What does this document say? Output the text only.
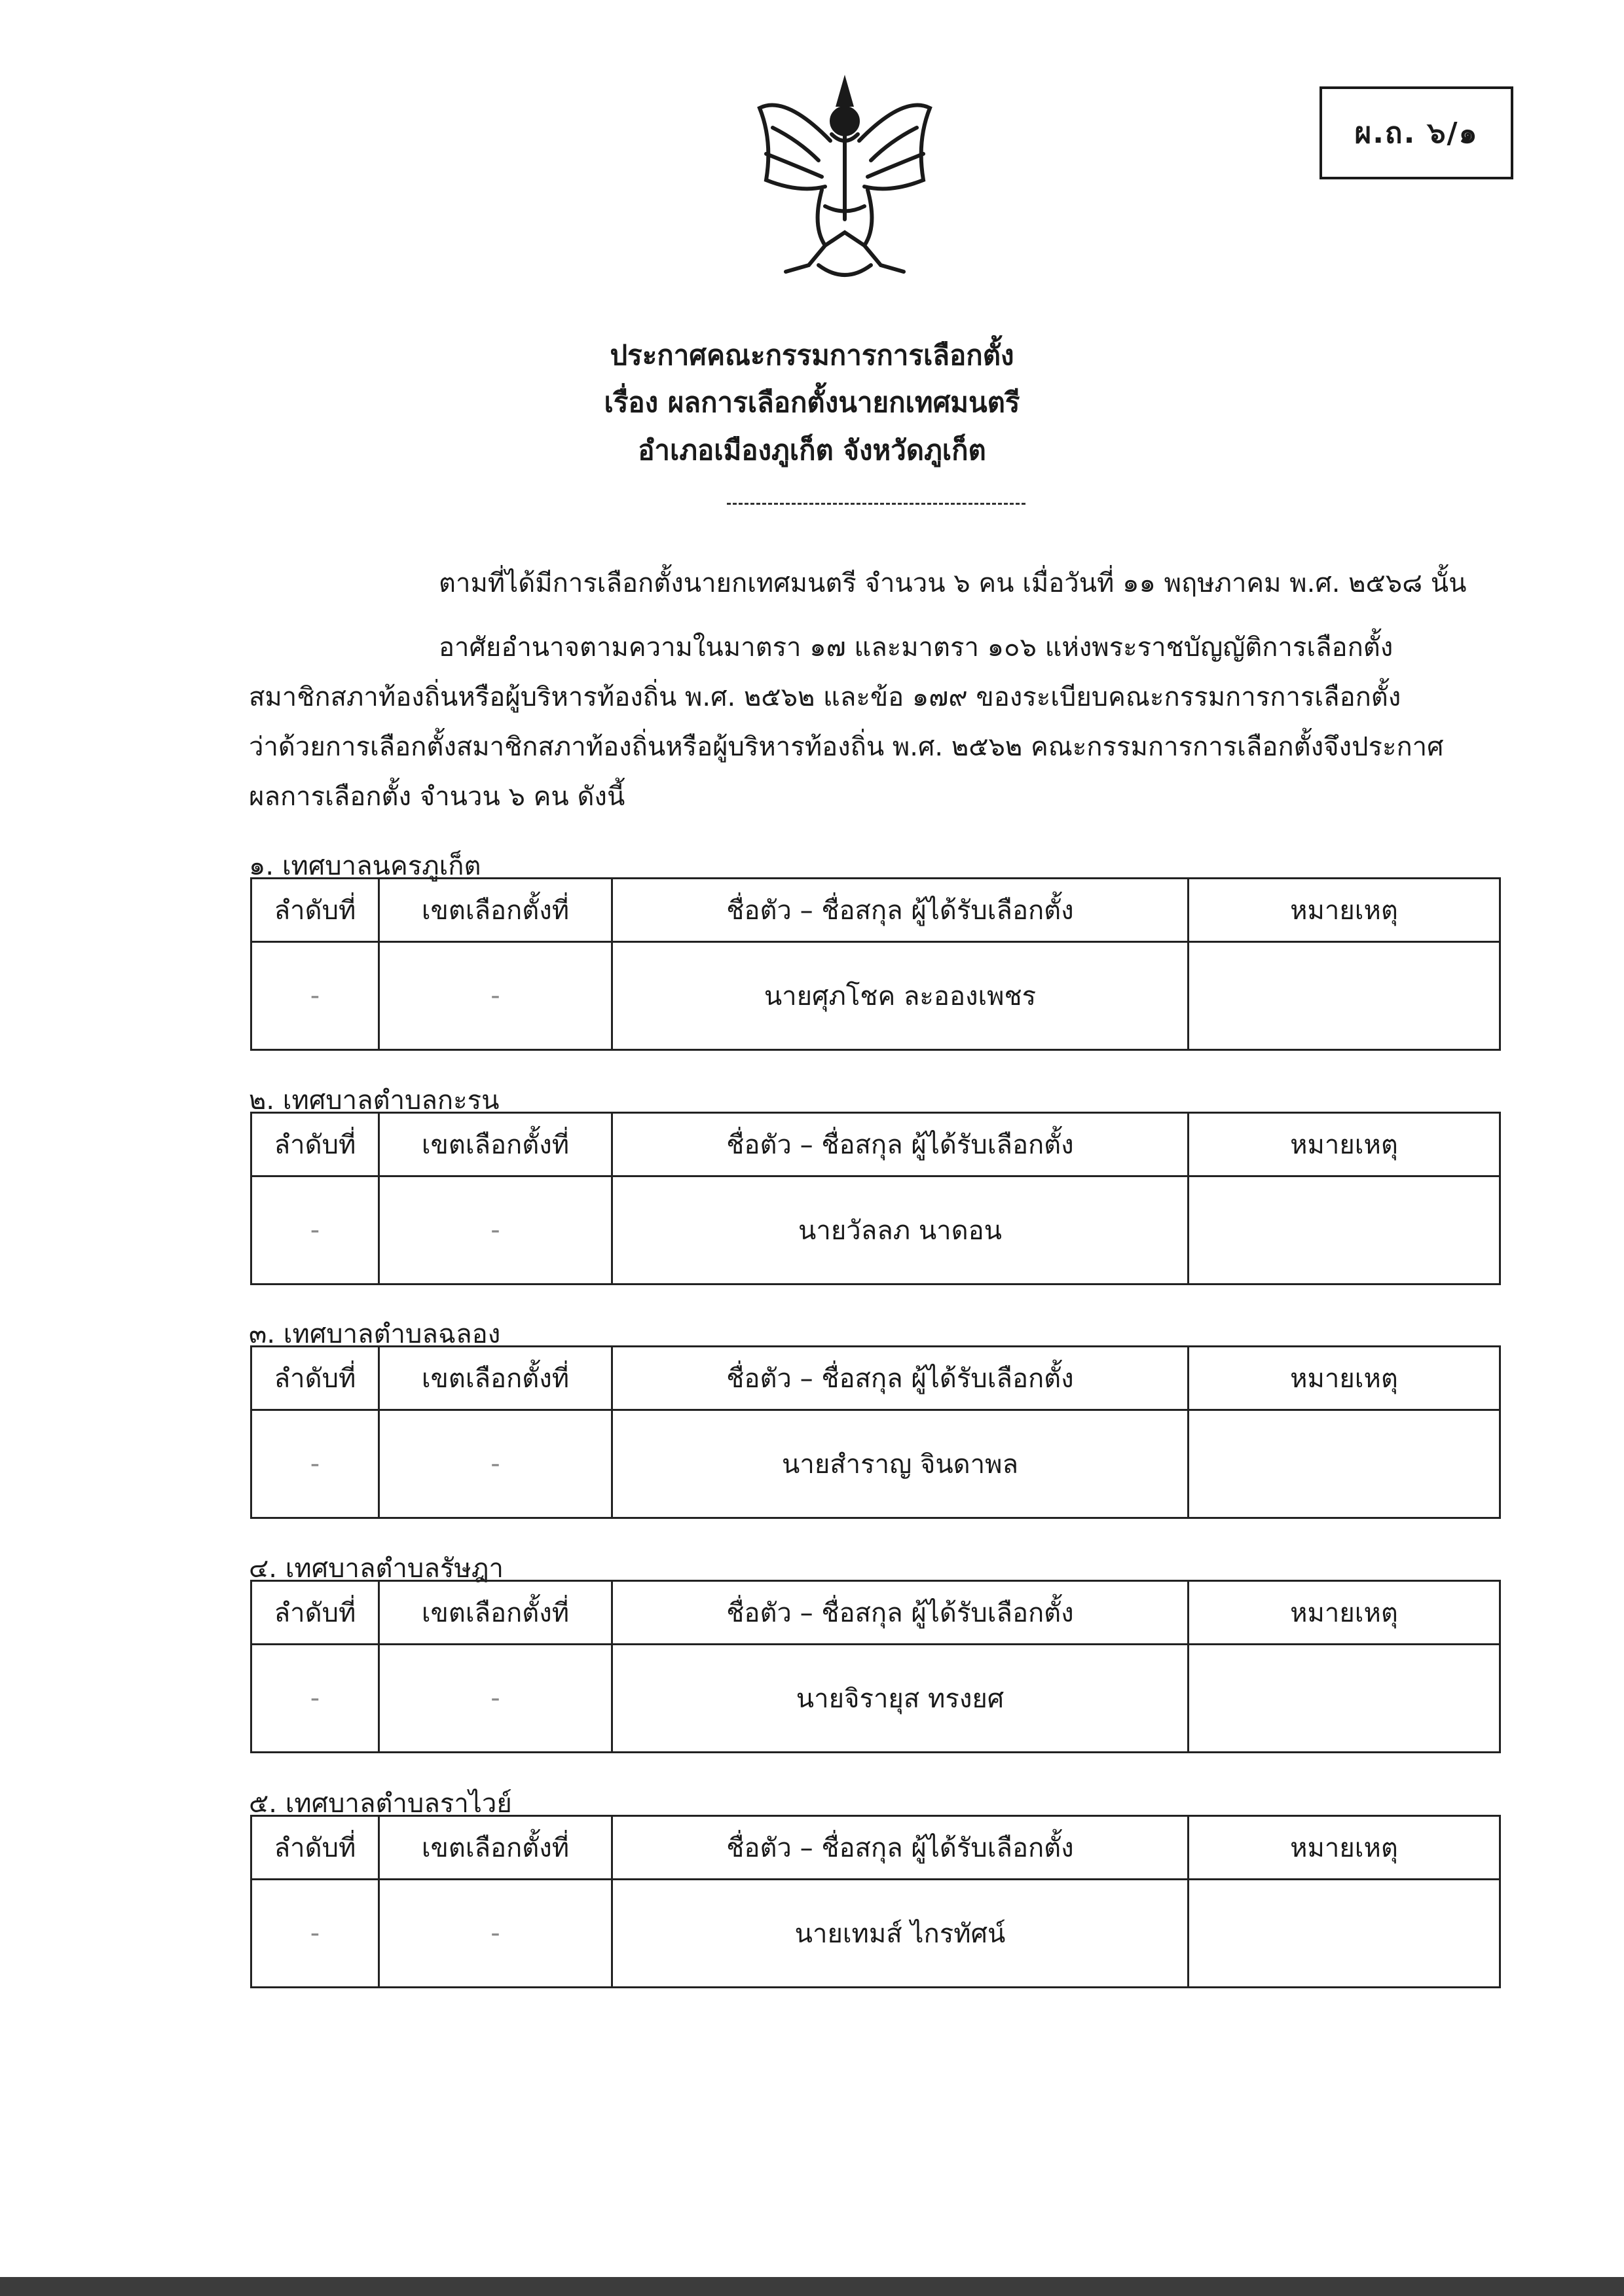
ผ.ถ. ๖/๑
ประกาศคณะกรรมการการเลือกตั้ง
เรื่อง ผลการเลือกตั้งนายกเทศมนตรี
อำเภอเมืองภูเก็ต จังหวัดภูเก็ต
ตามที่ได้มีการเลือกตั้งนายกเทศมนตรี จำนวน ๖ คน เมื่อวันที่ ๑๑ พฤษภาคม พ.ศ. ๒๕๖๘ นั้น
อาศัยอำนาจตามความในมาตรา ๑๗ และมาตรา ๑๐๖ แห่งพระราชบัญญัติการเลือกตั้ง
สมาชิกสภาท้องถิ่นหรือผู้บริหารท้องถิ่น พ.ศ. ๒๕๖๒ และข้อ ๑๗๙ ของระเบียบคณะกรรมการการเลือกตั้ง
ว่าด้วยการเลือกตั้งสมาชิกสภาท้องถิ่นหรือผู้บริหารท้องถิ่น พ.ศ. ๒๕๖๒ คณะกรรมการการเลือกตั้งจึงประกาศ
ผลการเลือกตั้ง จำนวน ๖ คน ดังนี้
๑. เทศบาลนครภูเก็ต
ลำดับที่	เขตเลือกตั้งที่	ชื่อตัว – ชื่อสกุล ผู้ได้รับเลือกตั้ง	หมายเหตุ
-	-	นายศุภโชค ละอองเพชร	
๒. เทศบาลตำบลกะรน
ลำดับที่	เขตเลือกตั้งที่	ชื่อตัว – ชื่อสกุล ผู้ได้รับเลือกตั้ง	หมายเหตุ
-	-	นายวัลลภ นาดอน	
๓. เทศบาลตำบลฉลอง
ลำดับที่	เขตเลือกตั้งที่	ชื่อตัว – ชื่อสกุล ผู้ได้รับเลือกตั้ง	หมายเหตุ
-	-	นายสำราญ จินดาพล	
๔. เทศบาลตำบลรัษฎา
ลำดับที่	เขตเลือกตั้งที่	ชื่อตัว – ชื่อสกุล ผู้ได้รับเลือกตั้ง	หมายเหตุ
-	-	นายจิรายุส ทรงยศ	
๕. เทศบาลตำบลราไวย์
ลำดับที่	เขตเลือกตั้งที่	ชื่อตัว – ชื่อสกุล ผู้ได้รับเลือกตั้ง	หมายเหตุ
-	-	นายเทมส์ ไกรทัศน์	
